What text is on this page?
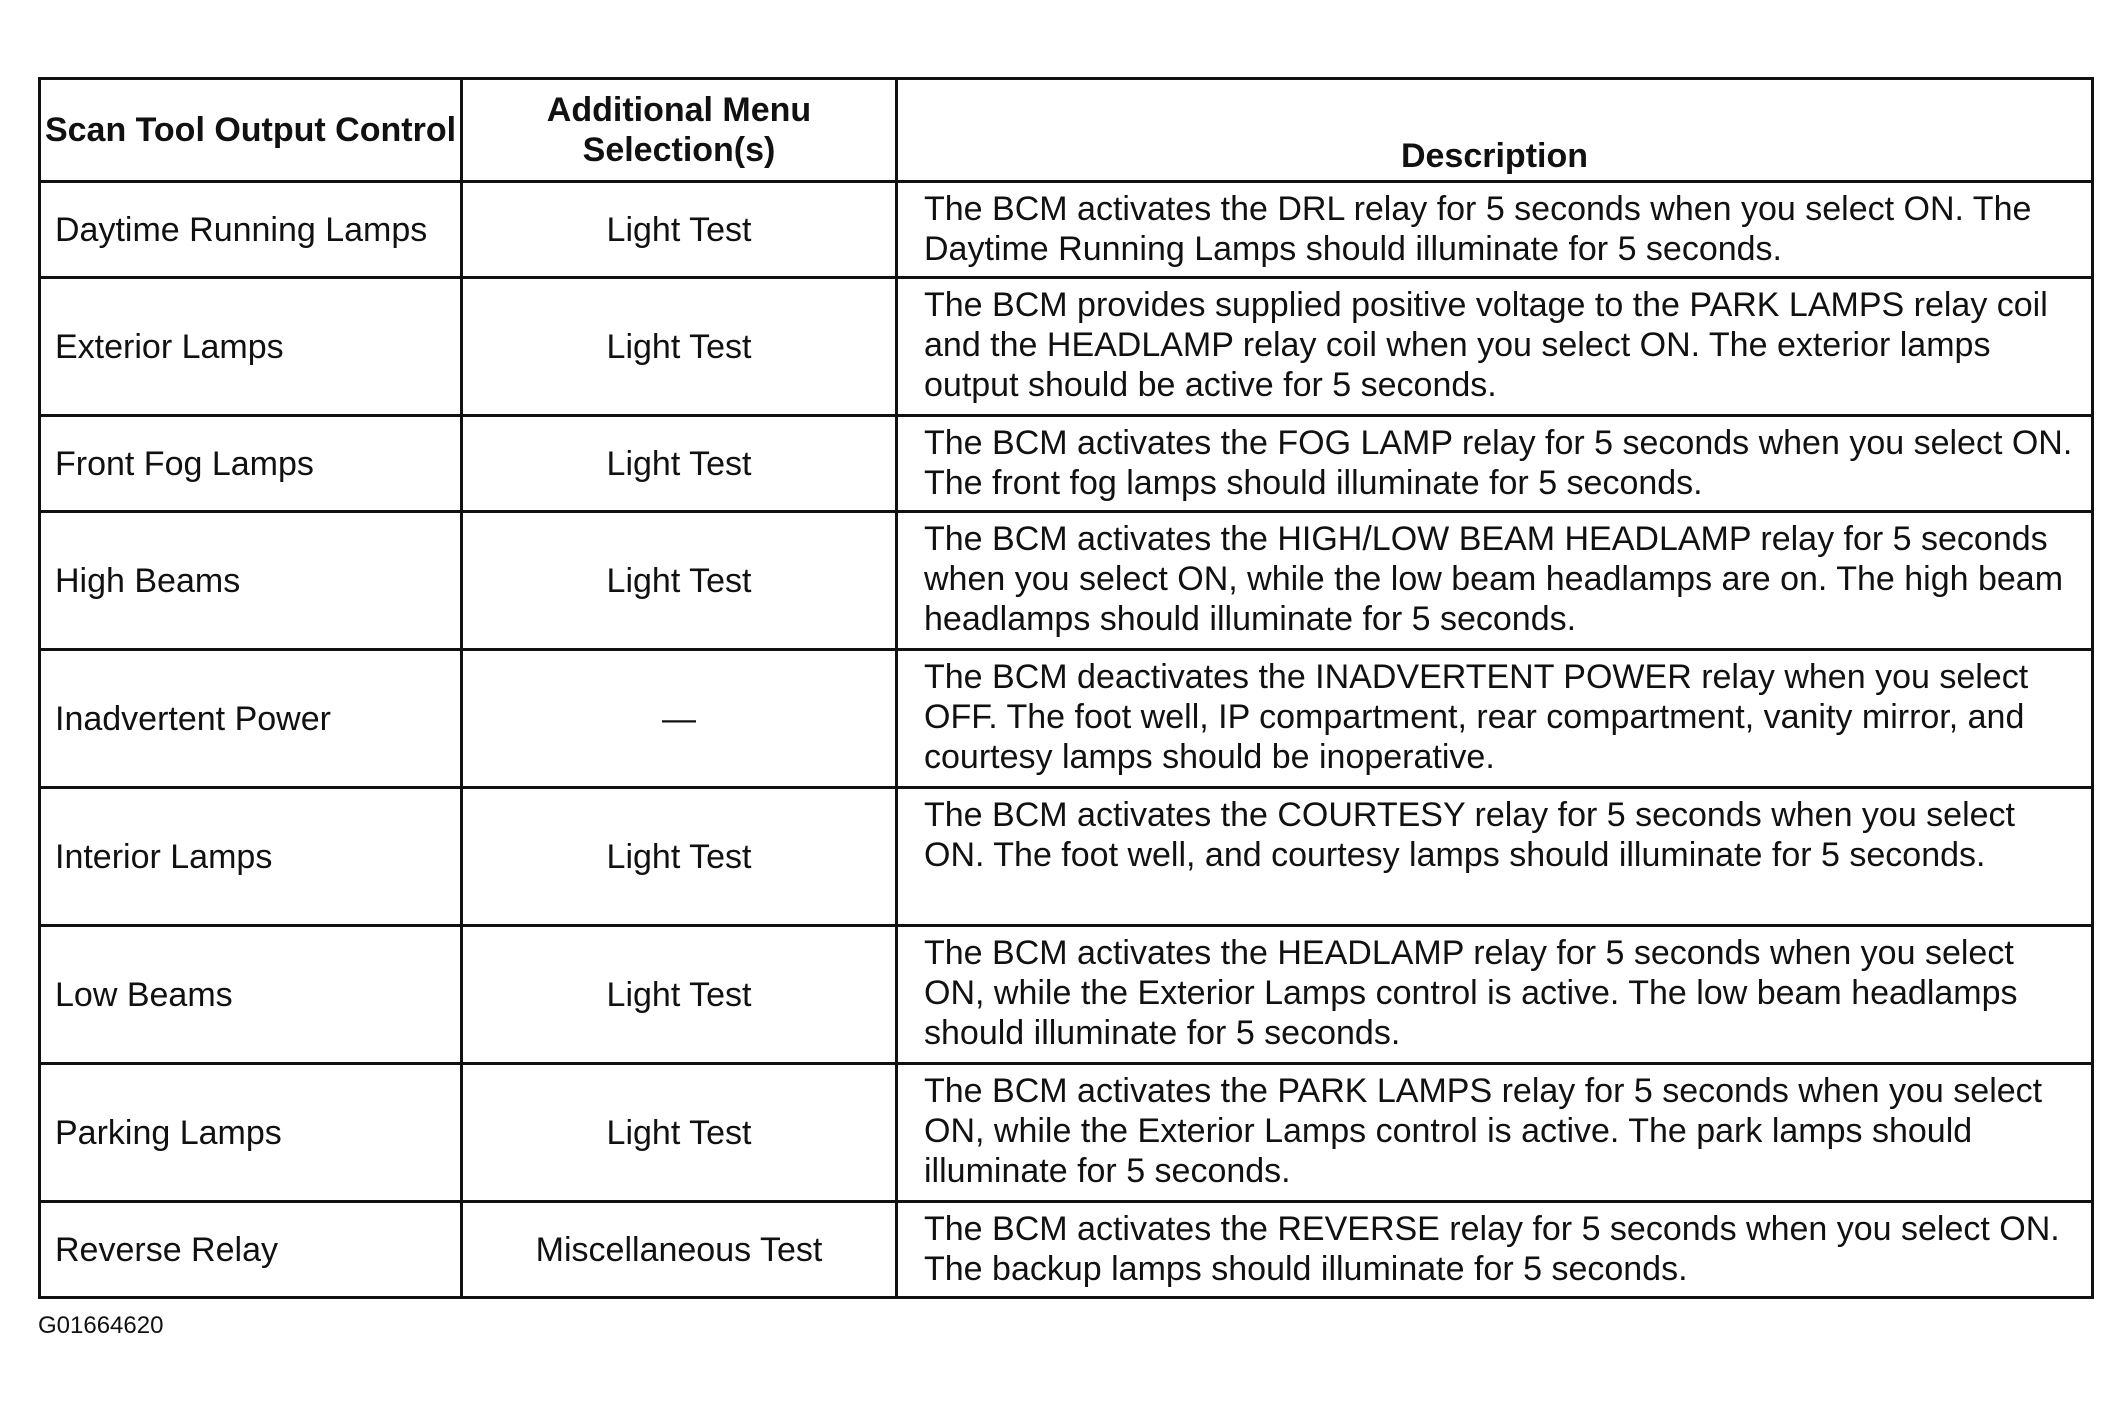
Scan Tool Output Control	Additional Menu Selection(s)	Description
Daytime Running Lamps	Light Test	The BCM activates the DRL relay for 5 seconds when you select ON. The Daytime Running Lamps should illuminate for 5 seconds.
Exterior Lamps	Light Test	The BCM provides supplied positive voltage to the PARK LAMPS relay coil and the HEADLAMP relay coil when you select ON. The exterior lamps output should be active for 5 seconds.
Front Fog Lamps	Light Test	The BCM activates the FOG LAMP relay for 5 seconds when you select ON. The front fog lamps should illuminate for 5 seconds.
High Beams	Light Test	The BCM activates the HIGH/LOW BEAM HEADLAMP relay for 5 seconds when you select ON, while the low beam headlamps are on. The high beam headlamps should illuminate for 5 seconds.
Inadvertent Power	—	The BCM deactivates the INADVERTENT POWER relay when you select OFF. The foot well, IP compartment, rear compartment, vanity mirror, and courtesy lamps should be inoperative.
Interior Lamps	Light Test	The BCM activates the COURTESY relay for 5 seconds when you select ON. The foot well, and courtesy lamps should illuminate for 5 seconds.
Low Beams	Light Test	The BCM activates the HEADLAMP relay for 5 seconds when you select ON, while the Exterior Lamps control is active. The low beam headlamps should illuminate for 5 seconds.
Parking Lamps	Light Test	The BCM activates the PARK LAMPS relay for 5 seconds when you select ON, while the Exterior Lamps control is active. The park lamps should illuminate for 5 seconds.
Reverse Relay	Miscellaneous Test	The BCM activates the REVERSE relay for 5 seconds when you select ON. The backup lamps should illuminate for 5 seconds.
G01664620
